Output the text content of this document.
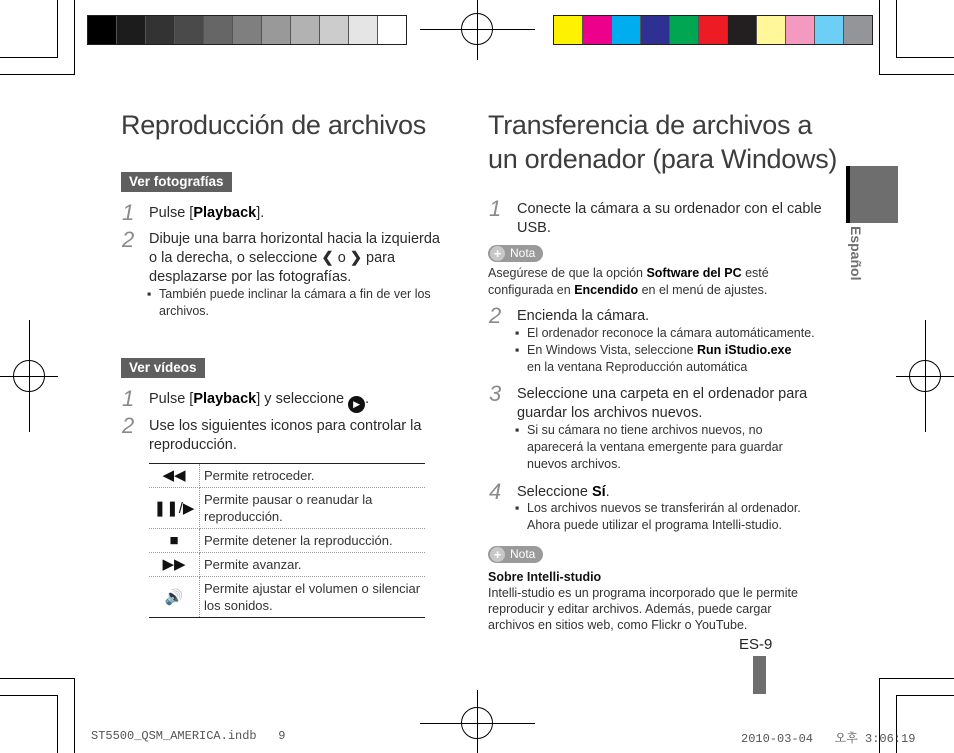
Reproducción de archivos
Ver fotografías
1 Pulse [Playback].
2 Dibuje una barra horizontal hacia la izquierda
o la derecha, o seleccione ❮ o ❯ para
desplazarse por las fotografías.
▪ También puede inclinar la cámara a fin de ver los
archivos.
Ver vídeos
1 Pulse [Playback] y seleccione ▶ .
2 Use los siguientes iconos para controlar la
reproducción.
◀◀	Permite retroceder.
❚❚/▶	Permite pausar o reanudar la reproducción.
■	Permite detener la reproducción.
▶▶	Permite avanzar.
🔊	Permite ajustar el volumen o silenciar los sonidos.
Transferencia de archivos a
un ordenador (para Windows)
1 Conecte la cámara a su ordenador con el cable
USB.
+ Nota
Asegúrese de que la opción Software del PC esté
configurada en Encendido en el menú de ajustes.
2 Encienda la cámara.
▪ El ordenador reconoce la cámara automáticamente.
▪ En Windows Vista, seleccione Run iStudio.exe
en la ventana Reproducción automática
3 Seleccione una carpeta en el ordenador para
guardar los archivos nuevos.
▪ Si su cámara no tiene archivos nuevos, no
aparecerá la ventana emergente para guardar
nuevos archivos.
4 Seleccione Sí.
▪ Los archivos nuevos se transferirán al ordenador.
Ahora puede utilizar el programa Intelli-studio.
+ Nota
Sobre Intelli-studio
Intelli-studio es un programa incorporado que le permite
reproducir y editar archivos. Además, puede cargar
archivos en sitios web, como Flickr o YouTube.
Español
ES-9
ST5500_QSM_AMERICA.indb 9	2010-03-04   오후 3:06:19
